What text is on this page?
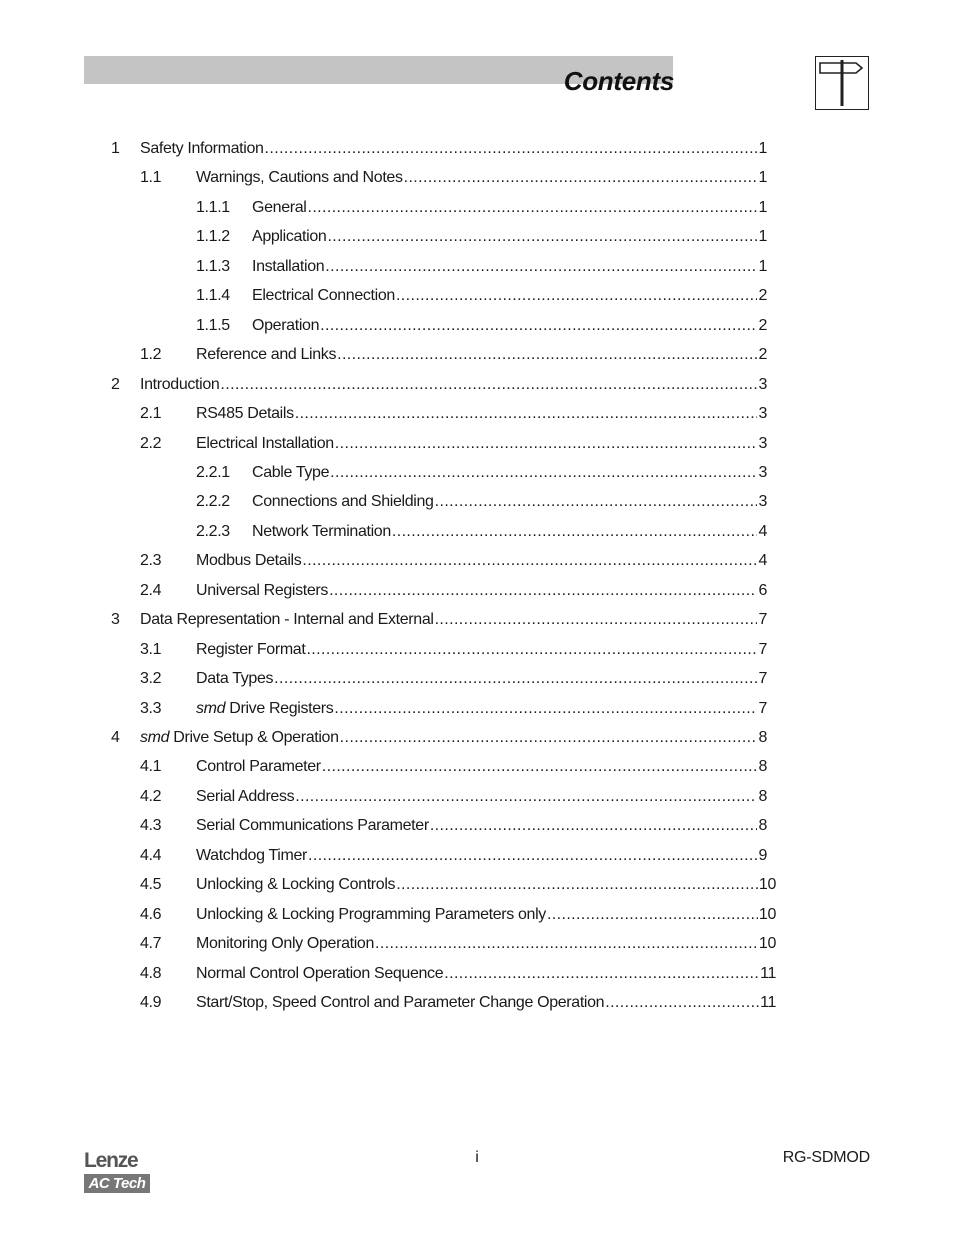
Contents
1 Safety Information .....	1
1.1 Warnings, Cautions and Notes .....	1
1.1.1 General .....	1
1.1.2 Application .....	1
1.1.3 Installation .....	1
1.1.4 Electrical Connection .....	2
1.1.5 Operation .....	2
1.2 Reference and Links .....	2
2 Introduction .....	3
2.1 RS485 Details .....	3
2.2 Electrical Installation .....	3
2.2.1 Cable Type .....	3
2.2.2 Connections and Shielding .....	3
2.2.3 Network Termination .....	4
2.3 Modbus Details .....	4
2.4 Universal Registers .....	6
3 Data Representation - Internal and External .....	7
3.1 Register Format .....	7
3.2 Data Types .....	7
3.3 smd Drive Registers .....	7
4 smd Drive Setup & Operation .....	8
4.1 Control Parameter .....	8
4.2 Serial Address .....	8
4.3 Serial Communications Parameter .....	8
4.4 Watchdog Timer .....	9
4.5 Unlocking & Locking Controls .....	10
4.6 Unlocking & Locking Programming Parameters only .....	10
4.7 Monitoring Only Operation .....	10
4.8 Normal Control Operation Sequence .....	11
4.9 Start/Stop, Speed Control and Parameter Change Operation .....	11
Lenze
AC Tech
i	RG-SDMOD
